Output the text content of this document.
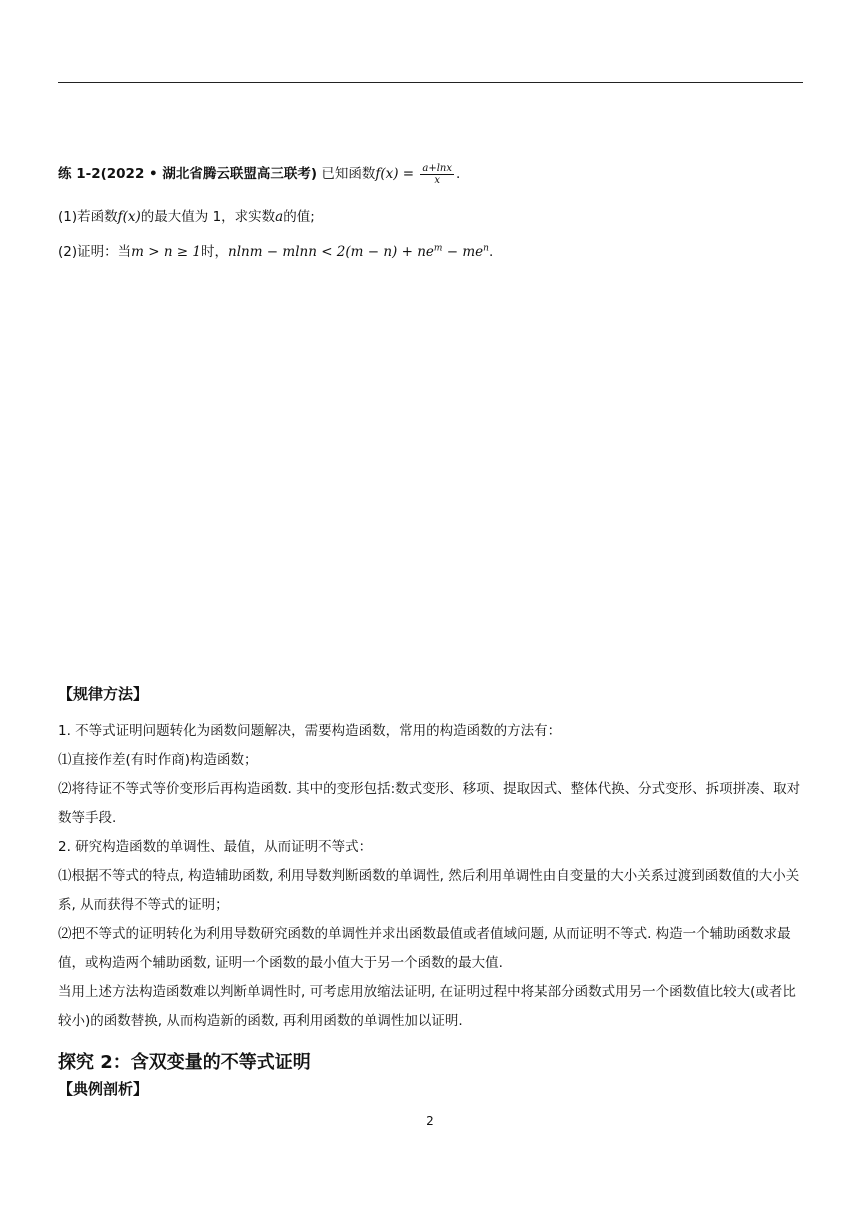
练 1-2(2022 • 湖北省腾云联盟高三联考) 已知函数$f(x) = \frac{a+\ln x}{x}$ .
(1)若函数f(x)的最大值为 1，求实数a的值;
(2)证明：当m > n ≥ 1时，$nlnm - mlnn < 2(m - n) + ne^m - me^n$.
【规律方法】
1. 不等式证明问题转化为函数问题解决，需要构造函数，常用的构造函数的方法有：
⑴直接作差(有时作商)构造函数；
⑵将待证不等式等价变形后再构造函数. 其中的变形包括:数式变形、移项、提取因式、整体代换、分式变形、拆项拼凑、取对数等手段.
2. 研究构造函数的单调性、最值，从而证明不等式：
⑴根据不等式的特点, 构造辅助函数, 利用导数判断函数的单调性, 然后利用单调性由自变量的大小关系过渡到函数值的大小关系, 从而获得不等式的证明；
⑵把不等式的证明转化为利用导数研究函数的单调性并求出函数最值或者值域问题, 从而证明不等式. 构造一个辅助函数求最值，或构造两个辅助函数, 证明一个函数的最小值大于另一个函数的最大值.
当用上述方法构造函数难以判断单调性时, 可考虑用放缩法证明, 在证明过程中将某部分函数式用另一个函数值比较大(或者比较小)的函数替换, 从而构造新的函数, 再利用函数的单调性加以证明.
探究 2：含双变量的不等式证明
【典例剖析】
2
